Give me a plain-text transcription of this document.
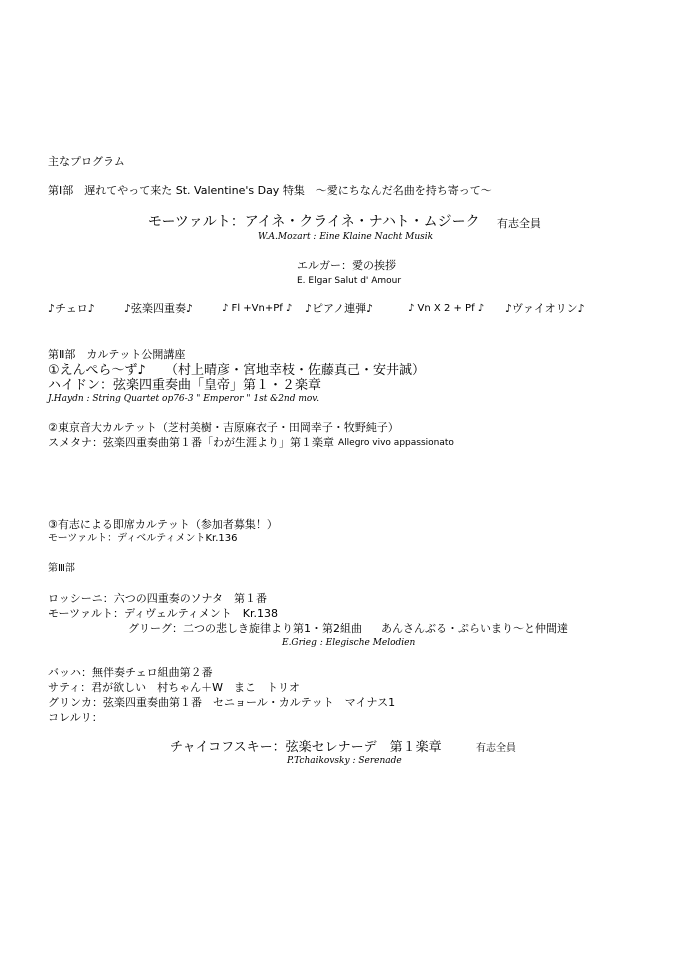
主なプログラム
第Ⅰ部　遅れてやって来た St. Valentine's Day 特集　～愛にちなんだ名曲を持ち寄って～
モーツァルト：アイネ・クライネ・ナハト・ムジーク 有志全員
W.A.Mozart : Eine Klaine Nacht Musik
エルガー：愛の挨拶
E. Elgar Salut d' Amour
♪チェロ♪	♪弦楽四重奏♪	♪ Fl +Vn+Pf ♪ ♪ピアノ連弾♪	♪ Vn X 2 + Pf ♪ ♪ヴァイオリン♪
第Ⅱ部　カルテット公開講座
①えんぺら～ず♪ （村上晴彦・宮地幸枝・佐藤真己・安井誠）
ハイドン：弦楽四重奏曲「皇帝」第１・２楽章
J.Haydn : String Quartet op76-3 " Emperor " 1st &2nd mov.
②東京音大カルテット（芝村美樹・吉原麻衣子・田岡幸子・牧野純子）
スメタナ：弦楽四重奏曲第１番「わが生涯より」第１楽章 Allegro vivo appassionato
③有志による即席カルテット（参加者募集！）
モーツァルト：ディベルティメントKr.136
第Ⅲ部
ロッシーニ：六つの四重奏のソナタ　第１番
モーツァルト：ディヴェルティメント　Kr.138
グリーグ：二つの悲しき旋律より第1・第2組曲 あんさんぶる・ぷらいまり～と仲間達
E.Grieg : Elegische Melodien
バッハ：無伴奏チェロ組曲第２番
サティ：君が欲しい　村ちゃん＋W　まこ　トリオ
グリンカ：弦楽四重奏曲第１番　セニョール・カルテット　マイナス1
コレルリ：
チャイコフスキー：弦楽セレナーデ　第１楽章	有志全員
P.Tchaikovsky : Serenade
